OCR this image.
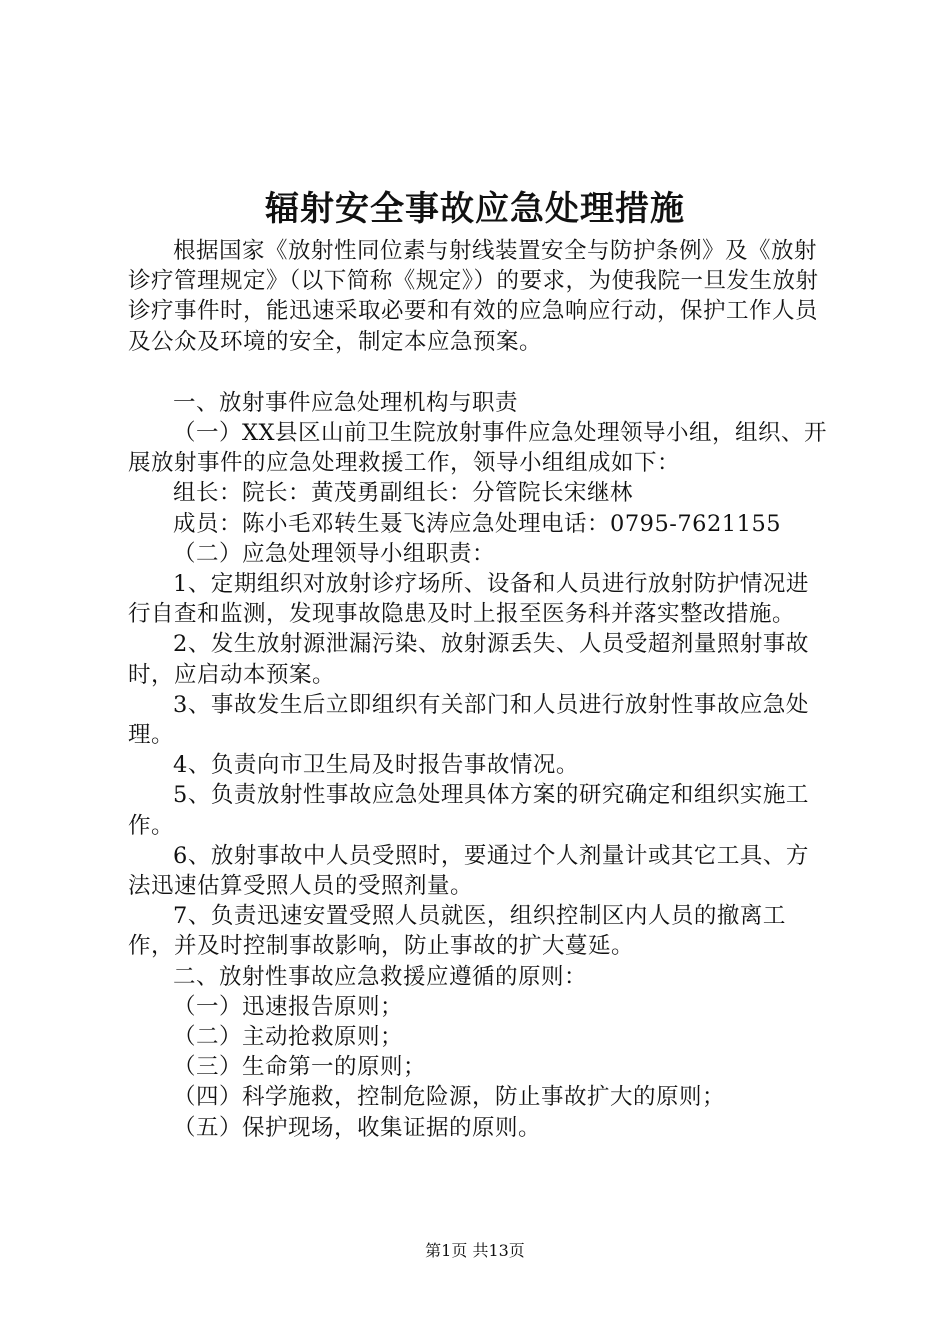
辐射安全事故应急处理措施

根据国家《放射性同位素与射线装置安全与防护条例》及《放射诊疗管理规定》（以下简称《规定》）的要求，为使我院一旦发生放射诊疗事件时，能迅速采取必要和有效的应急响应行动，保护工作人员及公众及环境的安全，制定本应急预案。

一、放射事件应急处理机构与职责

（一）XX县区山前卫生院放射事件应急处理领导小组，组织、开展放射事件的应急处理救援工作，领导小组组成如下：

组长：院长：黄茂勇副组长：分管院长宋继林

成员：陈小毛邓转生聂飞涛应急处理电话：0795-7621155

（二）应急处理领导小组职责：

1、定期组织对放射诊疗场所、设备和人员进行放射防护情况进行自查和监测，发现事故隐患及时上报至医务科并落实整改措施。

2、发生放射源泄漏污染、放射源丢失、人员受超剂量照射事故时，应启动本预案。

3、事故发生后立即组织有关部门和人员进行放射性事故应急处理。

4、负责向市卫生局及时报告事故情况。

5、负责放射性事故应急处理具体方案的研究确定和组织实施工作。

6、放射事故中人员受照时，要通过个人剂量计或其它工具、方法迅速估算受照人员的受照剂量。

7、负责迅速安置受照人员就医，组织控制区内人员的撤离工作，并及时控制事故影响，防止事故的扩大蔓延。

二、放射性事故应急救援应遵循的原则：

（一）迅速报告原则；

（二）主动抢救原则；

（三）生命第一的原则；

（四）科学施救，控制危险源，防止事故扩大的原则；

（五）保护现场，收集证据的原则。

第1页 共13页
